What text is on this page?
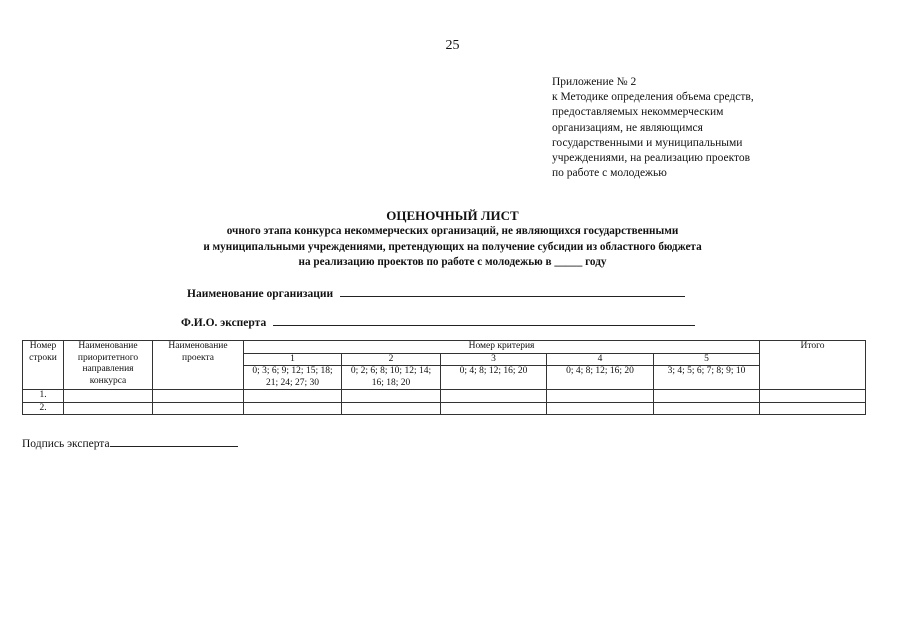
25
Приложение № 2
к Методике определения объема средств,
предоставляемых некоммерческим
организациям, не являющимся
государственными и муниципальными
учреждениями, на реализацию проектов
по работе с молодежью
ОЦЕНОЧНЫЙ ЛИСТ
очного этапа конкурса некоммерческих организаций, не являющихся государственными
и муниципальными учреждениями, претендующих на получение субсидии из областного бюджета
на реализацию проектов по работе с молодежью в _____ году
Наименование организации
Ф.И.О. эксперта
Номер строки	Наименование приоритетного направления конкурса	Наименование проекта	Номер критерия					Итого
			1	2	3	4	5	
			0; 3; 6; 9; 12; 15; 18; 21; 24; 27; 30	0; 2; 6; 8; 10; 12; 14; 16; 18; 20	0; 4; 8; 12; 16; 20	0; 4; 8; 12; 16; 20	3; 4; 5; 6; 7; 8; 9; 10	
1.								
2.								
Подпись эксперта
